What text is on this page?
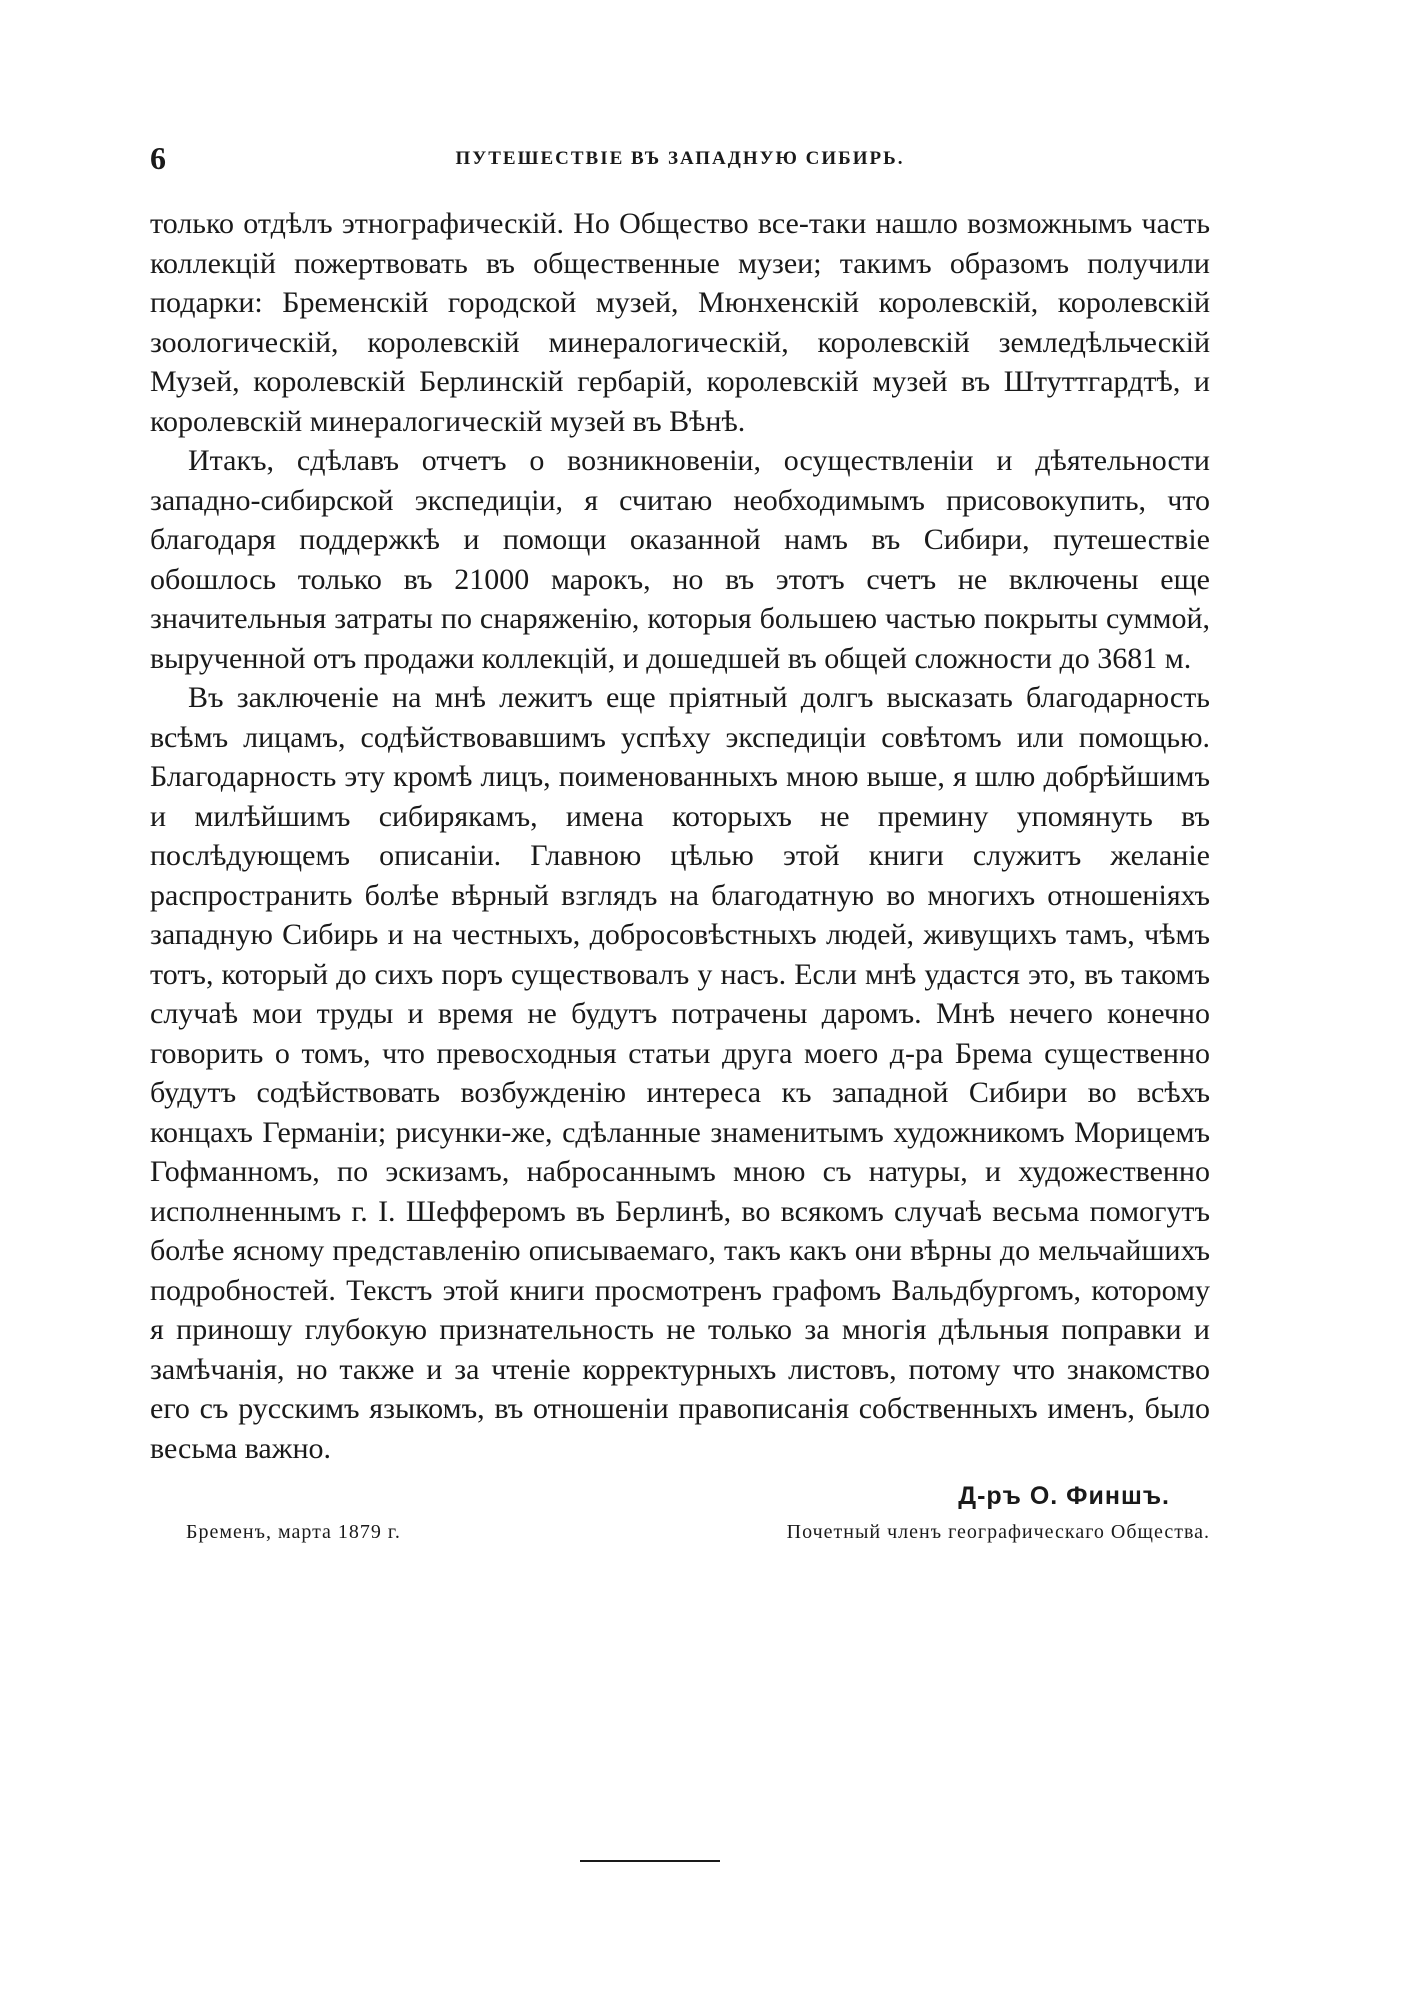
6	ПУТЕШЕСТВІЕ ВЪ ЗАПАДНУЮ СИБИРЬ.

только отдѣлъ этнографическій. Но Общество все-таки нашло возможнымъ часть коллекцій пожертвовать въ общественные музеи; такимъ образомъ получили подарки: Бременскій городской музей, Мюнхенскій королевскій, королевскій зоологическій, королевскій минералогическій, королевскій земледѣльческій Музей, королевскій Берлинскій гербарій, королевскій музей въ Штуттгардтѣ, и королевскій минералогическій музей въ Вѣнѣ.

Итакъ, сдѣлавъ отчетъ о возникновеніи, осуществленіи и дѣятельности западно-сибирской экспедиціи, я считаю необходимымъ присовокупить, что благодаря поддержкѣ и помощи оказанной намъ въ Сибири, путешествіе обошлось только въ 21000 марокъ, но въ этотъ счетъ не включены еще значительныя затраты по снаряженію, которыя большею частью покрыты суммой, вырученной отъ продажи коллекцій, и дошедшей въ общей сложности до 3681 м.

Въ заключеніе на мнѣ лежитъ еще пріятный долгъ высказать благодарность всѣмъ лицамъ, содѣйствовавшимъ успѣху экспедиціи совѣтомъ или помощью. Благодарность эту кромѣ лицъ, поименованныхъ мною выше, я шлю добрѣйшимъ и милѣйшимъ сибирякамъ, имена которыхъ не премину упомянуть въ послѣдующемъ описаніи. Главною цѣлью этой книги служитъ желаніе распространить болѣе вѣрный взглядъ на благодатную во многихъ отношеніяхъ западную Сибирь и на честныхъ, добросовѣстныхъ людей, живущихъ тамъ, чѣмъ тотъ, который до сихъ поръ существовалъ у насъ. Если мнѣ удастся это, въ такомъ случаѣ мои труды и время не будутъ потрачены даромъ. Мнѣ нечего конечно говорить о томъ, что превосходныя статьи друга моего д-ра Брема существенно будутъ содѣйствовать возбужденію интереса къ западной Сибири во всѣхъ концахъ Германіи; рисунки-же, сдѣланные знаменитымъ художникомъ Морицемъ Гофманномъ, по эскизамъ, набросаннымъ мною съ натуры, и художественно исполненнымъ г. І. Шефферомъ въ Берлинѣ, во всякомъ случаѣ весьма помогутъ болѣе ясному представленію описываемаго, такъ какъ они вѣрны до мельчайшихъ подробностей. Текстъ этой книги просмотренъ графомъ Вальдбургомъ, которому я приношу глубокую признательность не только за многія дѣльныя поправки и замѣчанія, но также и за чтеніе корректурныхъ листовъ, потому что знакомство его съ русскимъ языкомъ, въ отношеніи правописанія собственныхъ именъ, было весьма важно.

Д-ръ О. Финшъ.
Бременъ, марта 1879 г.	Почетный членъ географическаго Общества.
